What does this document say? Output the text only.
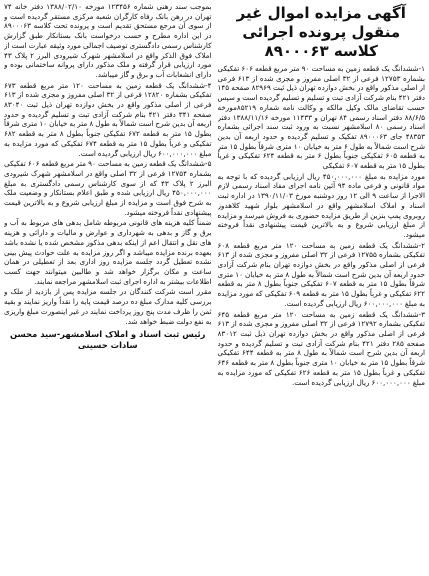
آگهی مزایده اموال غیر منقول پرونده اجرائی
کلاسه ۸۹۰۰۰۶۳

۱-ششدانگ یک قطعه زمین به مساحت ۹۰ متر مربع قطعه ۶۰۶ تفکیکی بشماره ۱۲۷۵۳ فرعی از ۳۲ اصلی مفروز و مجزی شده از ۶۱۳ فرعی از اصلی مذکور واقع در بخش دوازده تهران ذیل ثبت ۸۲۹۶۹ صفحه ۱۴۵ دفتر ۴۲۱ بنام شرکت آزادی تبت و تسلیم و تسلیم گردیده است و سپس حسب تقاضای مالک وکیل مالکه و وکالت نامه شماره ۸۵۲۱۹مورخه ۸۸/۶/۵ دفتر اسناد رسمی ۸۴ تهران و ۱۱۴۳۳ مورخه ۱۳۸۸/۱۱/۱۶ دفتر اسناد رسمی ۸۰ اسلامشهر نسبت به ورود ثبت سند اجرائی بشماره ۴۸۳۵۳ جای ۸۹۰۰۰۶۳ تفکیک و تسلیم گردیده و حدود اربعه آن بدین شرح است شمالاً به طول ۶ متر به خیابان ۱۰ متری شرقاً بطول ۱۵ متر به قطعه ۶۰۵ تفکیکی جنوباً بطول ۶ متر به قطعه ۶۲۴ تفکیکی و غرباً بطول ۱۵ متر به قطعه ۶۰۷ تفکیکی

مورد مزایده به مبلغ ۴۵۰,۰۰۰,۰۰۰ ریال ارزیابی گردیده که با توجه به مواد قانونی و فرعی ماده ۹۴ آئین نامه اجرای مفاد اسناد رسمی لازم الاجرا از ساعت ۹ الی ۱۲ روز دوشنبه مورخ ۱۳۹۰/۱۱/۰۳ در اداره ثبت اسناد و املاک اسلامشهر واقع در اسلامشهر بلوار شهید کلاهدوز روبروی پمپ بنزین از طریق مزایده حضوری به فروش میرسد و مزایده از مبلغ ارزیابی شروع و به بالاترین قیمت پیشنهادی نقداً فروخته میشود.

۲-ششدانگ یک قطعه زمین به مساحت ۱۲۰ متر مربع قطعه ۶۰۸ تفکیکی بشماره ۱۲۷۵۵ فرعی از ۳۲ اصلی مفروز و مجزی شده از ۶۱۳ فرعی از اصلی مذکور واقع در بخش دوازده تهران بنام شرکت آزادی حدود اربعه آن بدین شرح است شمالاً به طول ۸ متر به خیابان ۱۰ متری شرقاً بطول ۱۵ متر به قطعه ۶۰۷ تفکیکی جنوباً بطول ۸ متر به قطعه ۶۲۲ تفکیکی و غرباً بطول ۱۵ متر به قطعه ۶۰۹ تفکیکی که مورد مزایده به مبلغ ۶۰۰,۰۰۰,۰۰۰ ریال ارزیابی گردیده است.

۳-ششدانگ یک قطعه زمین به مساحت ۱۲۰ متر مربع قطعه ۶۴۵ تفکیکی بشماره ۱۲۷۹۲ فرعی از ۳۲ اصلی مفروز و مجزی شده از ۶۱۳ فرعی از اصلی مذکور واقع در بخش دوازده تهران ذیل ثبت ۸۳۰۱۲ صفحه ۲۸۵ دفتر ۴۲۱ بنام شرکت آزادی تبت و تسلیم گردیده و حدود اربعه آن بدین شرح است شمالاً به طول ۸ متر به قطعه ۶۴۴ تفکیکی شرقاً بطول ۱۵ متر به خیابان ۱۰ متری جنوباً بطول ۸ متر به قطعه ۶۴۶ تفکیکی و غرباً بطول ۱۵ متر به قطعه ۶۲۶ تفکیکی که مورد مزایده به مبلغ ۶۰۰,۰۰۰,۰۰۰ ریال ارزیابی گردیده است.

بموجب سند رهنی شماره ۱۲۳۴۵۶ مورخه ۱۳۸۸/۰۲/۱۰ دفتر خانه ۷۴ تهران در رهن بانک رفاه کارگران شعبه مرکزی مستقر گردیده است و از سوی آن مرجع مستحق تقدیم است و پرونده تحت کلاسه ۸۹۰۰۰۶۳ در این اداره مطرح و حسب درخواست بانک بستانکار طبق گزارش کارشناس رسمی دادگستری توصیف اجمالی مورد وثیقه عبارت است از املاک فوق الذکر واقع در اسلامشهر شهرک شیرودی البرز ۲ پلاک ۴۳ مورد ارزیابی قرار گرفته و ملک مذکور دارای پروانه ساختمانی بوده و دارای انشعابات آب و برق و گاز میباشد.

۴-ششدانگ یک قطعه زمین به مساحت ۱۲۰ متر مربع قطعه ۶۷۳ تفکیکی بشماره ۱۲۸۲۰ فرعی از ۳۲ اصلی مفروز و مجزی شده از ۶۱۳ فرعی از اصلی مذکور واقع در بخش دوازده تهران ذیل ثبت ۸۳۰۴۰ صفحه ۳۴۱ دفتر ۴۲۱ بنام شرکت آزادی تبت و تسلیم گردیده و حدود اربعه آن بدین شرح است شمالاً به طول ۸ متر به خیابان ۱۰ متری شرقاً بطول ۱۵ متر به قطعه ۶۷۲ تفکیکی جنوباً بطول ۸ متر به قطعه ۶۸۲ تفکیکی و غرباً بطول ۱۵ متر به قطعه ۶۷۴ تفکیکی که مورد مزایده به مبلغ ۶۰۰,۰۰۰,۰۰۰ ریال ارزیابی گردیده است.

۵-ششدانگ یک قطعه زمین به مساحت ۹۰ متر مربع قطعه ۶۰۶ تفکیکی بشماره ۱۲۷۵۴ فرعی از ۳۲ اصلی واقع در اسلامشهر شهرک شیرودی البرز ۲ پلاک ۴۳ که از سوی کارشناس رسمی دادگستری به مبلغ ۴۵۰,۰۰۰,۰۰۰ ریال ارزیابی شده و طبق اعلام بستانکار و وضعیت ملک به شرح فوق است و مزایده از مبلغ ارزیابی شروع و به بالاترین قیمت پیشنهادی نقداً فروخته میشود.

ضمناً کلیه هزینه های قانونی مربوطه شامل بدهی های مربوط به آب و برق و گاز و بدهی به شهرداری و عوارض و مالیات و دارائی و هزینه های نقل و انتقال اعم از اینکه بدهی مذکور مشخص شده یا نشده باشد بعهده برنده مزایده میباشد و اگر روز مزایده به علت حوادث پیش بینی نشده تعطیل گردد جلسه مزایده روز اداری بعد از تعطیلی در همان ساعت و مکان برگزار خواهد شد و طالبین میتوانند جهت کسب اطلاعات بیشتر به اداره اجرای ثبت اسلامشهر مراجعه نمایند.

مقرر است شرکت کنندگان در جلسه مزایده پس از بازدید از ملک و بررسی کلیه مدارک مبلغ ده درصد قیمت پایه را نقداً واریز نمایند و بقیه ثمن را ظرف مدت پنج روز پرداخت نمایند در غیر اینصورت مبلغ واریزی به نفع دولت ضبط خواهد شد.

رئیس ثبت اسناد و املاک اسلامشهر-سید محسن سادات حسینی
